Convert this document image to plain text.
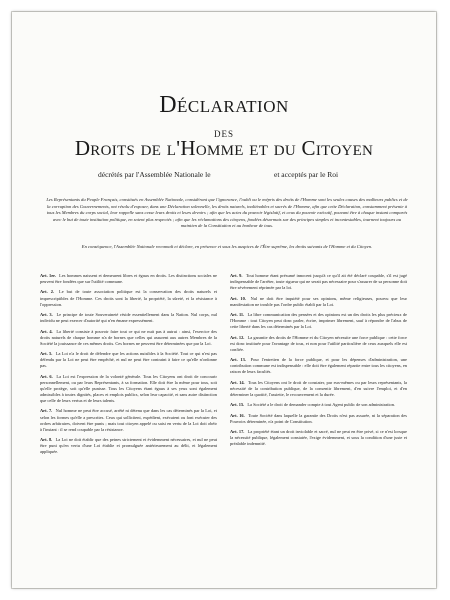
Déclaration
des
Droits de l'Homme et du Citoyen
décrétés par l'Assemblée Nationale le	et acceptés par le Roi
Les Représentants du Peuple Français, constitués en Assemblée Nationale, considérant que l'ignorance, l'oubli ou le mépris des droits de l'Homme sont les seules causes des malheurs publics et de la corruption des Gouvernements, ont résolu d'exposer, dans une Déclaration solennelle, les droits naturels, inaliénables et sacrés de l'Homme, afin que cette Déclaration, constamment présente à tous les Membres du corps social, leur rappelle sans cesse leurs droits et leurs devoirs ; afin que les actes du pouvoir législatif, et ceux du pouvoir exécutif, pouvant être à chaque instant comparés avec le but de toute institution politique, en soient plus respectés ; afin que les réclamations des citoyens, fondées désormais sur des principes simples et incontestables, tournent toujours au maintien de la Constitution et au bonheur de tous.
En conséquence, l'Assemblée Nationale reconnaît et déclare, en présence et sous les auspices de l'Être suprême, les droits suivants de l'Homme et du Citoyen.

Art. 1er. Les hommes naissent et demeurent libres et égaux en droits. Les distinctions sociales ne peuvent être fondées que sur l'utilité commune.

Art. 2. Le but de toute association politique est la conservation des droits naturels et imprescriptibles de l'Homme. Ces droits sont la liberté, la propriété, la sûreté, et la résistance à l'oppression.

Art. 3. Le principe de toute Souveraineté réside essentiellement dans la Nation. Nul corps, nul individu ne peut exercer d'autorité qui n'en émane expressément.

Art. 4. La liberté consiste à pouvoir faire tout ce qui ne nuit pas à autrui : ainsi, l'exercice des droits naturels de chaque homme n'a de bornes que celles qui assurent aux autres Membres de la Société la jouissance de ces mêmes droits. Ces bornes ne peuvent être déterminées que par la Loi.

Art. 5. La Loi n'a le droit de défendre que les actions nuisibles à la Société. Tout ce qui n'est pas défendu par la Loi ne peut être empêché, et nul ne peut être contraint à faire ce qu'elle n'ordonne pas.

Art. 6. La Loi est l'expression de la volonté générale. Tous les Citoyens ont droit de concourir personnellement, ou par leurs Représentants, à sa formation. Elle doit être la même pour tous, soit qu'elle protège, soit qu'elle punisse. Tous les Citoyens étant égaux à ses yeux sont également admissibles à toutes dignités, places et emplois publics, selon leur capacité, et sans autre distinction que celle de leurs vertus et de leurs talents.

Art. 7. Nul homme ne peut être accusé, arrêté ni détenu que dans les cas déterminés par la Loi, et selon les formes qu'elle a prescrites. Ceux qui sollicitent, expédient, exécutent ou font exécuter des ordres arbitraires, doivent être punis ; mais tout citoyen appelé ou saisi en vertu de la Loi doit obéir à l'instant : il se rend coupable par la résistance.

Art. 8. La Loi ne doit établir que des peines strictement et évidemment nécessaires, et nul ne peut être puni qu'en vertu d'une Loi établie et promulguée antérieurement au délit, et légalement appliquée.

Art. 9. Tout homme étant présumé innocent jusqu'à ce qu'il ait été déclaré coupable, s'il est jugé indispensable de l'arrêter, toute rigueur qui ne serait pas nécessaire pour s'assurer de sa personne doit être sévèrement réprimée par la loi.

Art. 10. Nul ne doit être inquiété pour ses opinions, même religieuses, pourvu que leur manifestation ne trouble pas l'ordre public établi par la Loi.

Art. 11. La libre communication des pensées et des opinions est un des droits les plus précieux de l'Homme : tout Citoyen peut donc parler, écrire, imprimer librement, sauf à répondre de l'abus de cette liberté dans les cas déterminés par la Loi.

Art. 12. La garantie des droits de l'Homme et du Citoyen nécessite une force publique : cette force est donc instituée pour l'avantage de tous, et non pour l'utilité particulière de ceux auxquels elle est confiée.

Art. 13. Pour l'entretien de la force publique, et pour les dépenses d'administration, une contribution commune est indispensable : elle doit être également répartie entre tous les citoyens, en raison de leurs facultés.

Art. 14. Tous les Citoyens ont le droit de constater, par eux-mêmes ou par leurs représentants, la nécessité de la contribution publique, de la consentir librement, d'en suivre l'emploi, et d'en déterminer la quotité, l'assiette, le recouvrement et la durée.

Art. 15. La Société a le droit de demander compte à tout Agent public de son administration.

Art. 16. Toute Société dans laquelle la garantie des Droits n'est pas assurée, ni la séparation des Pouvoirs déterminée, n'a point de Constitution.

Art. 17. La propriété étant un droit inviolable et sacré, nul ne peut en être privé, si ce n'est lorsque la nécessité publique, légalement constatée, l'exige évidemment, et sous la condition d'une juste et préalable indemnité.
